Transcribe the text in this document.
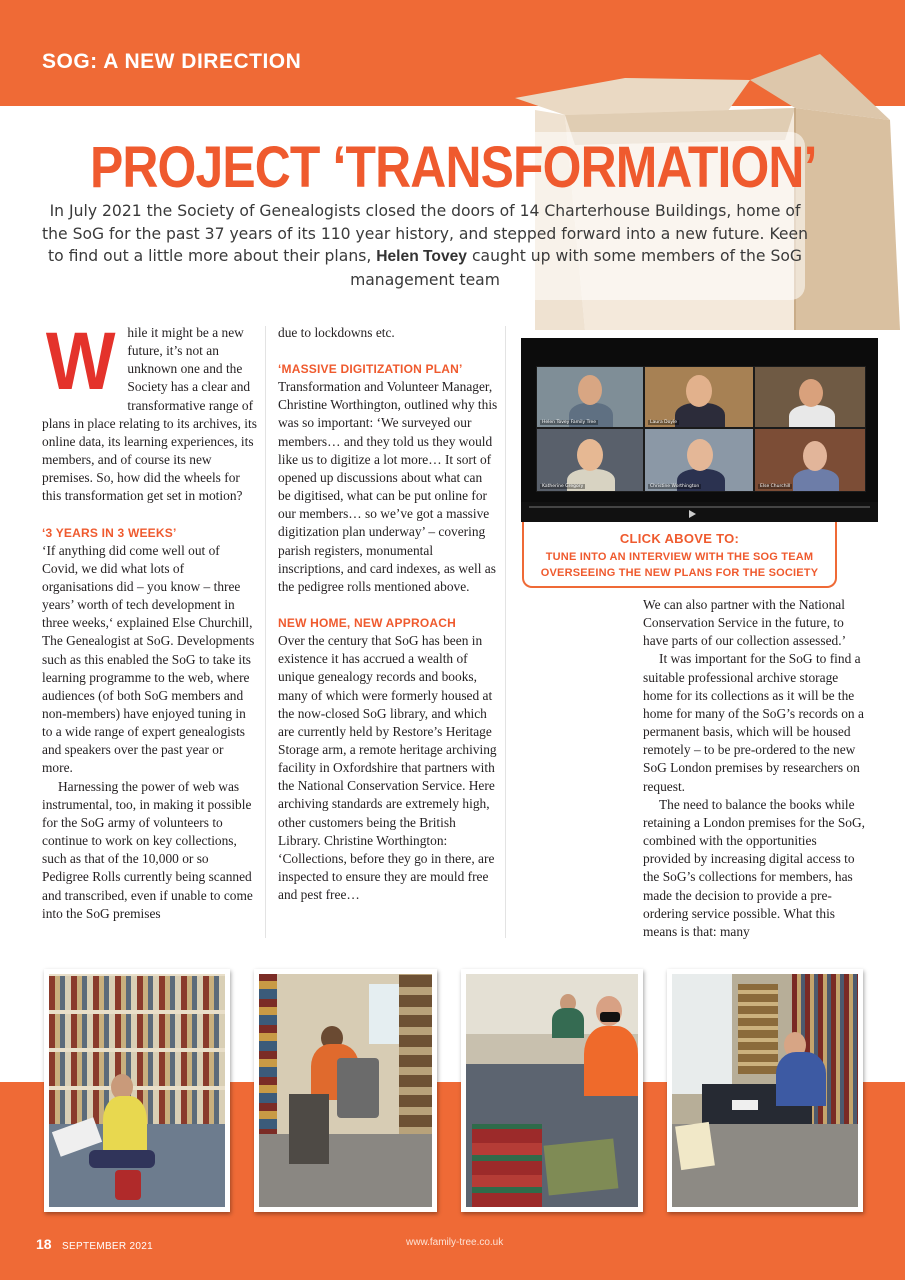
SOG: A NEW DIRECTION
PROJECT ‘TRANSFORMATION’
In July 2021 the Society of Genealogists closed the doors of 14 Charterhouse Buildings, home of the SoG for the past 37 years of its 110 year history, and stepped forward into a new future. Keen to find out a little more about their plans, Helen Tovey caught up with some members of the SoG management team
W hile it might be a new future, it’s not an unknown one and the Society has a clear and transformative range of plans in place relating to its archives, its online data, its learning experiences, its members, and of course its new premises. So, how did the wheels for this transformation get set in motion?

‘3 YEARS IN 3 WEEKS’

‘If anything did come well out of Covid, we did what lots of organisations did – you know – three years’ worth of tech development in three weeks,‘ explained Else Churchill, The Genealogist at SoG. Developments such as this enabled the SoG to take its learning programme to the web, where audiences (of both SoG members and non-members) have enjoyed tuning in to a wide range of expert genealogists and speakers over the past year or more.

Harnessing the power of web was instrumental, too, in making it possible for the SoG army of volunteers to continue to work on key collections, such as that of the 10,000 or so Pedigree Rolls currently being scanned and transcribed, even if unable to come into the SoG premises

due to lockdowns etc.

‘MASSIVE DIGITIZATION PLAN’

Transformation and Volunteer Manager, Christine Worthington, outlined why this was so important: ‘We surveyed our members… and they told us they would like us to digitize a lot more… It sort of opened up discussions about what can be digitised, what can be put online for our members… so we’ve got a massive digitization plan underway’ – covering parish registers, monumental inscriptions, and card indexes, as well as the pedigree rolls mentioned above.

NEW HOME, NEW APPROACH

Over the century that SoG has been in existence it has accrued a wealth of unique genealogy records and books, many of which were formerly housed at the now-closed SoG library, and which are currently held by Restore’s Heritage Storage arm, a remote heritage archiving facility in Oxfordshire that partners with the National Conservation Service. Here archiving standards are extremely high, other customers being the British Library. Christine Worthington: ‘Collections, before they go in there, are inspected to ensure they are mould free and pest free…

Helen Tovey Family Tree	Laura Doyle
Katherine Gregory	Christine Worthington	Else Churchill
CLICK ABOVE TO:
TUNE INTO AN INTERVIEW WITH THE SOG TEAM OVERSEEING THE NEW PLANS FOR THE SOCIETY

We can also partner with the National Conservation Service in the future, to have parts of our collection assessed.’

It was important for the SoG to find a suitable professional archive storage home for its collections as it will be the home for many of the SoG’s records on a permanent basis, which will be housed remotely – to be pre-ordered to the new SoG London premises by researchers on request.

The need to balance the books while retaining a London premises for the SoG, combined with the opportunities provided by increasing digital access to the SoG’s collections for members, has made the decision to provide a pre-ordering service possible. What this means is that: many

18 SEPTEMBER 2021	www.family-tree.co.uk
